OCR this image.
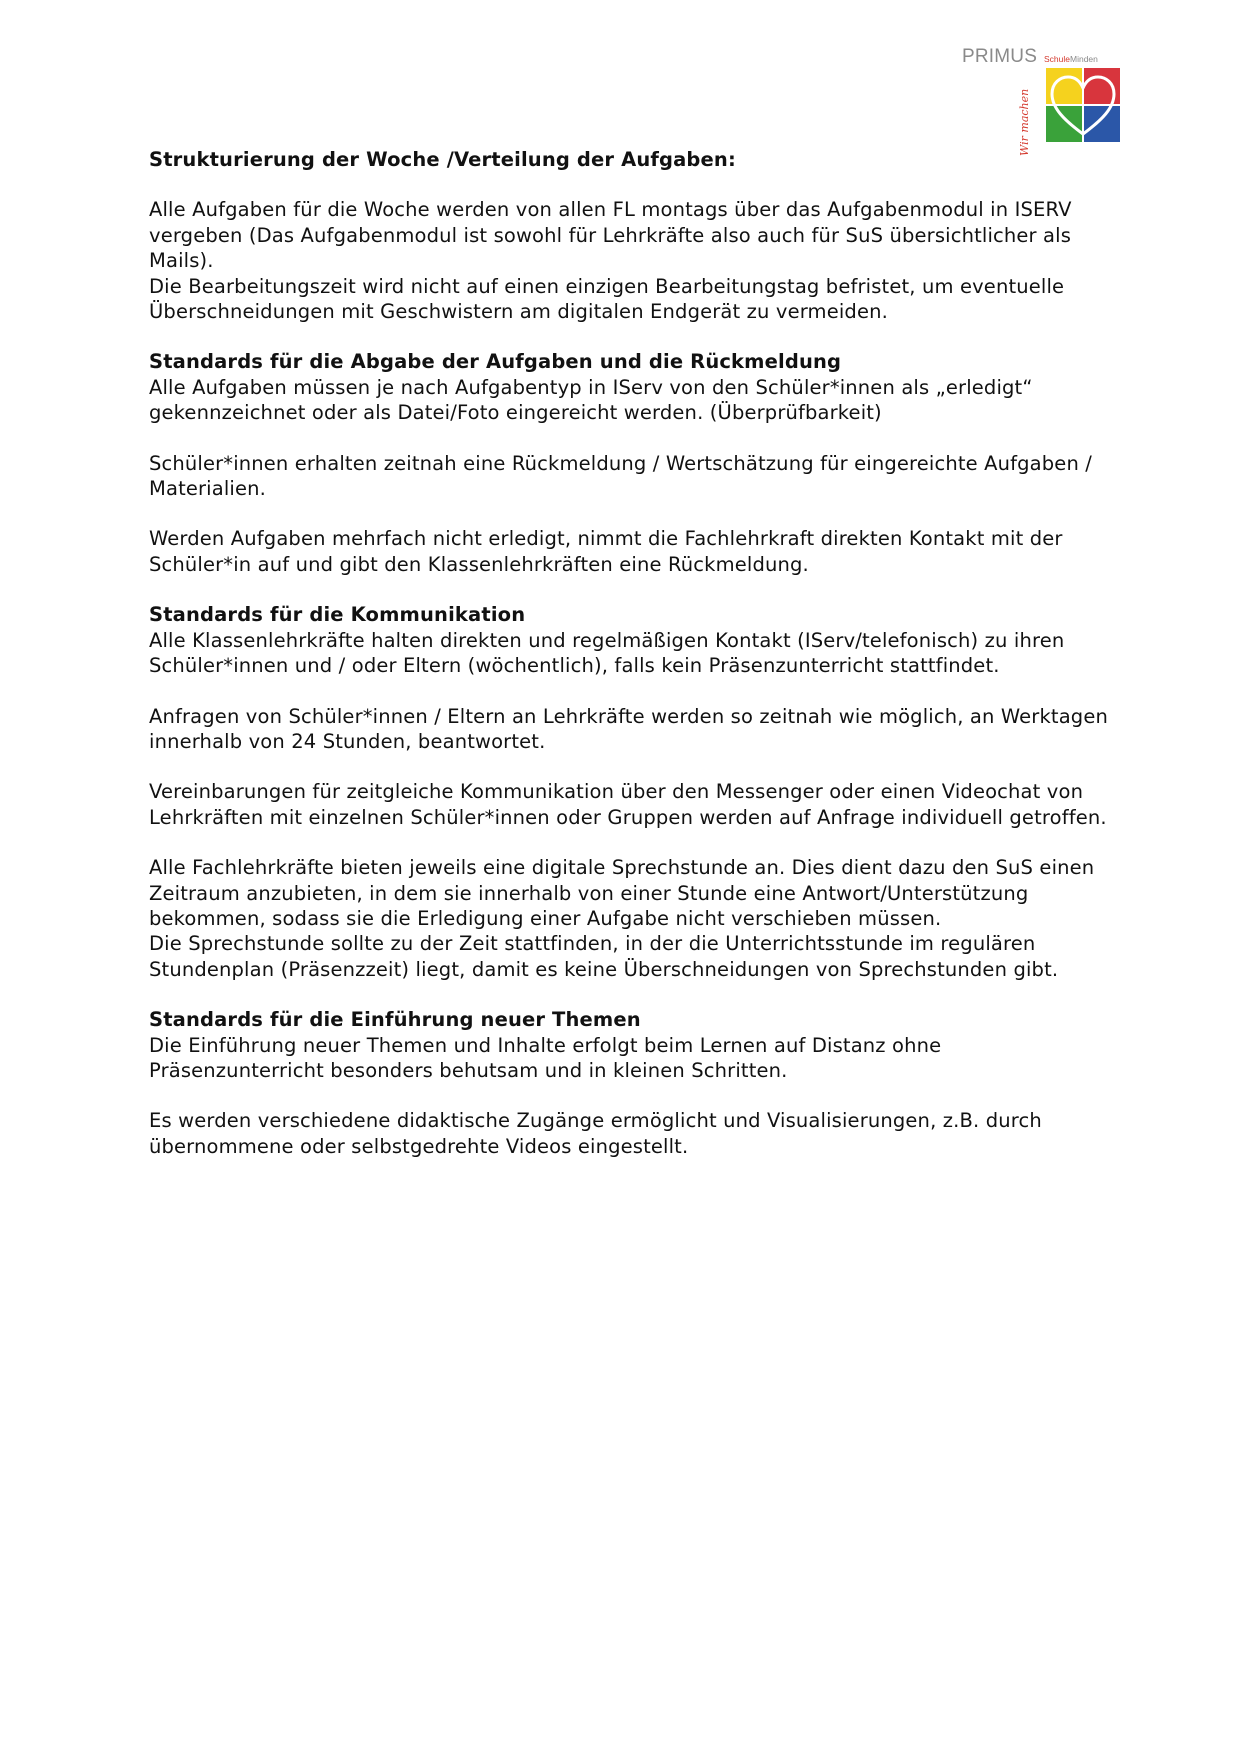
PRIMUS SchuleMinden
Wir machen

Strukturierung der Woche /Verteilung der Aufgaben:

Alle Aufgaben für die Woche werden von allen FL montags über das Aufgabenmodul in ISERV vergeben (Das Aufgabenmodul ist sowohl für Lehrkräfte also auch für SuS übersichtlicher als Mails).

Die Bearbeitungszeit wird nicht auf einen einzigen Bearbeitungstag befristet, um eventuelle Überschneidungen mit Geschwistern am digitalen Endgerät zu vermeiden.

Standards für die Abgabe der Aufgaben und die Rückmeldung

Alle Aufgaben müssen je nach Aufgabentyp in IServ von den Schüler*innen als „erledigt“ gekennzeichnet oder als Datei/Foto eingereicht werden. (Überprüfbarkeit)

Schüler*innen erhalten zeitnah eine Rückmeldung / Wertschätzung für eingereichte Aufgaben / Materialien.

Werden Aufgaben mehrfach nicht erledigt, nimmt die Fachlehrkraft direkten Kontakt mit der Schüler*in auf und gibt den Klassenlehrkräften eine Rückmeldung.

Standards für die Kommunikation

Alle Klassenlehrkräfte halten direkten und regelmäßigen Kontakt (IServ/telefonisch) zu ihren Schüler*innen und / oder Eltern (wöchentlich), falls kein Präsenzunterricht stattfindet.

Anfragen von Schüler*innen / Eltern an Lehrkräfte werden so zeitnah wie möglich, an Werktagen innerhalb von 24 Stunden, beantwortet.

Vereinbarungen für zeitgleiche Kommunikation über den Messenger oder einen Videochat von Lehrkräften mit einzelnen Schüler*innen oder Gruppen werden auf Anfrage individuell getroffen.

Alle Fachlehrkräfte bieten jeweils eine digitale Sprechstunde an. Dies dient dazu den SuS einen Zeitraum anzubieten, in dem sie innerhalb von einer Stunde eine Antwort/Unterstützung bekommen, sodass sie die Erledigung einer Aufgabe nicht verschieben müssen.

Die Sprechstunde sollte zu der Zeit stattfinden, in der die Unterrichtsstunde im regulären Stundenplan (Präsenzzeit) liegt, damit es keine Überschneidungen von Sprechstunden gibt.

Standards für die Einführung neuer Themen

Die Einführung neuer Themen und Inhalte erfolgt beim Lernen auf Distanz ohne Präsenzunterricht besonders behutsam und in kleinen Schritten.

Es werden verschiedene didaktische Zugänge ermöglicht und Visualisierungen, z.B. durch übernommene oder selbstgedrehte Videos eingestellt.
